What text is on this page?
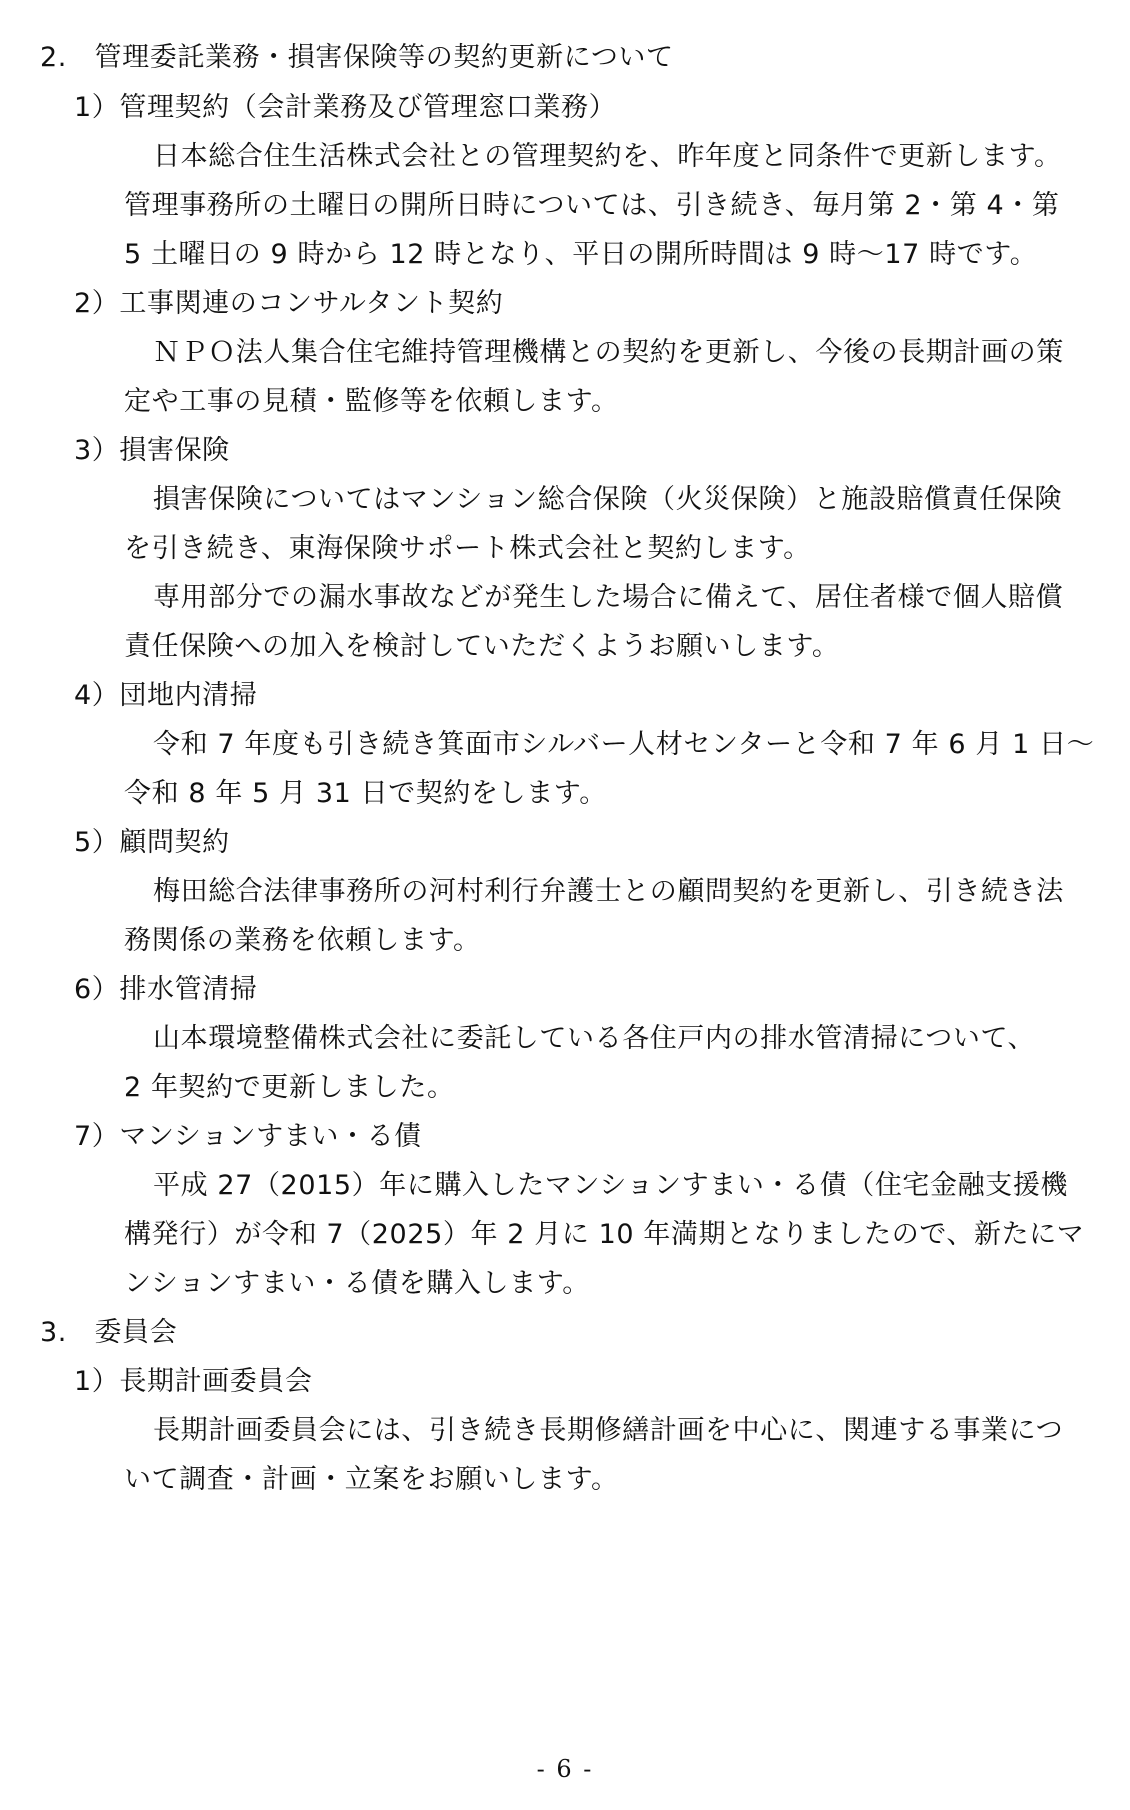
2.　管理委託業務・損害保険等の契約更新について
1）管理契約（会計業務及び管理窓口業務）
日本総合住生活株式会社との管理契約を、昨年度と同条件で更新します。
管理事務所の土曜日の開所日時については、引き続き、毎月第 2・第 4・第
5 土曜日の 9 時から 12 時となり、平日の開所時間は 9 時～17 時です。
2）工事関連のコンサルタント契約
ＮＰＯ法人集合住宅維持管理機構との契約を更新し、今後の長期計画の策
定や工事の見積・監修等を依頼します。
3）損害保険
損害保険についてはマンション総合保険（火災保険）と施設賠償責任保険
を引き続き、東海保険サポート株式会社と契約します。
専用部分での漏水事故などが発生した場合に備えて、居住者様で個人賠償
責任保険への加入を検討していただくようお願いします。
4）団地内清掃
令和 7 年度も引き続き箕面市シルバー人材センターと令和 7 年 6 月 1 日～
令和 8 年 5 月 31 日で契約をします。
5）顧問契約
梅田総合法律事務所の河村利行弁護士との顧問契約を更新し、引き続き法
務関係の業務を依頼します。
6）排水管清掃
山本環境整備株式会社に委託している各住戸内の排水管清掃について、
2 年契約で更新しました。
7）マンションすまい・る債
平成 27（2015）年に購入したマンションすまい・る債（住宅金融支援機
構発行）が令和 7（2025）年 2 月に 10 年満期となりましたので、新たにマ
ンションすまい・る債を購入します。
3.　委員会
1）長期計画委員会
長期計画委員会には、引き続き長期修繕計画を中心に、関連する事業につ
いて調査・計画・立案をお願いします。
- 6 -
